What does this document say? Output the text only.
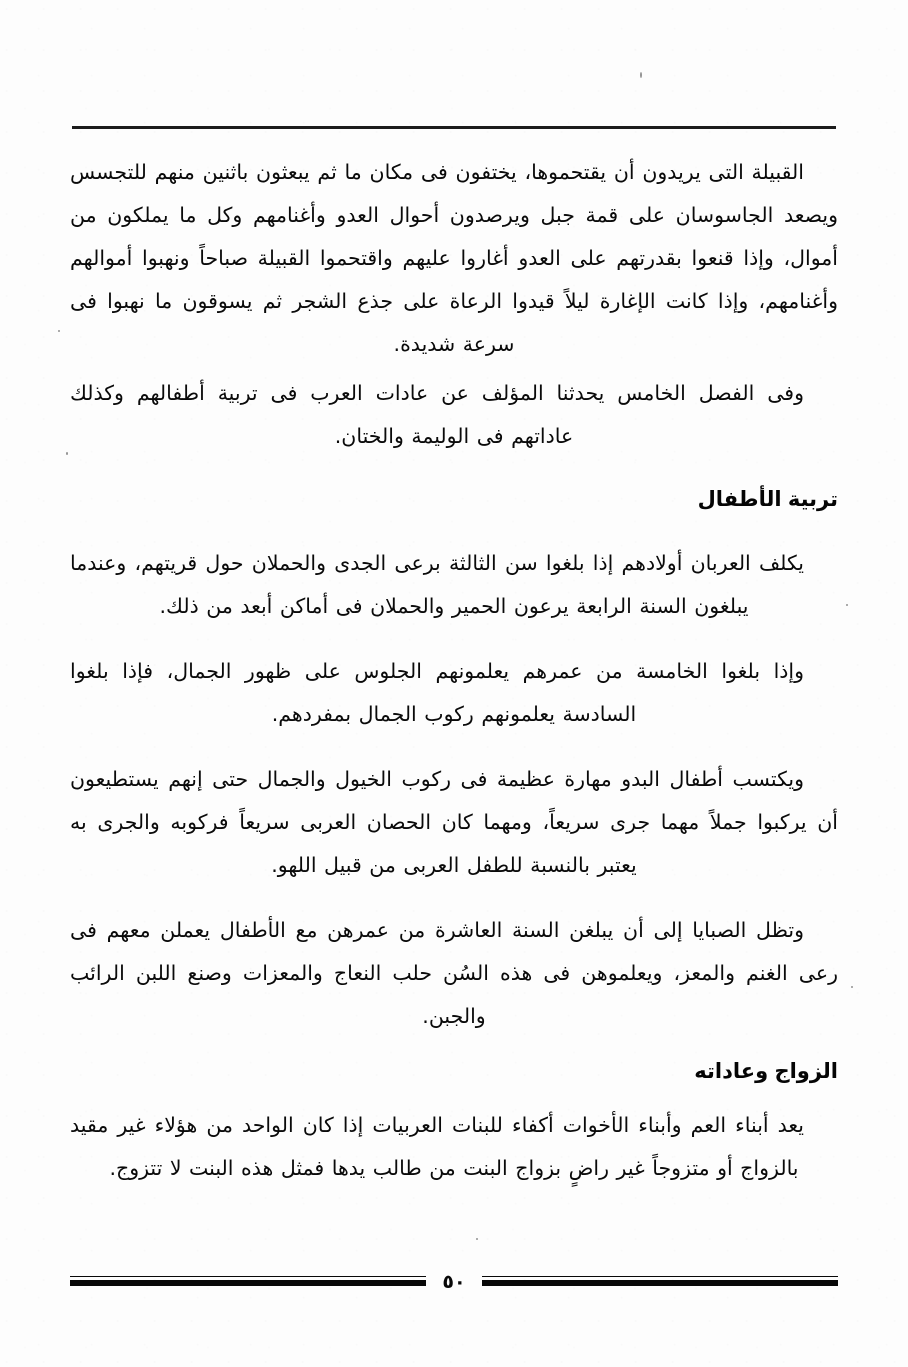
القبيلة التى يريدون أن يقتحموها، يختفون فى مكان ما ثم يبعثون باثنين منهم للتجسس ويصعد الجاسوسان على قمة جبل ويرصدون أحوال العدو وأغنامهم وكل ما يملكون من أموال، وإذا قنعوا بقدرتهم على العدو أغاروا عليهم واقتحموا القبيلة صباحاً ونهبوا أموالهم وأغنامهم، وإذا كانت الإغارة ليلاً قيدوا الرعاة على جذع الشجر ثم يسوقون ما نهبوا فى سرعة شديدة.

وفى الفصل الخامس يحدثنا المؤلف عن عادات العرب فى تربية أطفالهم وكذلك عاداتهم فى الوليمة والختان.

تربية الأطفال

يكلف العربان أولادهم إذا بلغوا سن الثالثة برعى الجدى والحملان حول قريتهم، وعندما يبلغون السنة الرابعة يرعون الحمير والحملان فى أماكن أبعد من ذلك.

وإذا بلغوا الخامسة من عمرهم يعلمونهم الجلوس على ظهور الجمال، فإذا بلغوا السادسة يعلمونهم ركوب الجمال بمفردهم.

ويكتسب أطفال البدو مهارة عظيمة فى ركوب الخيول والجمال حتى إنهم يستطيعون أن يركبوا جملاً مهما جرى سريعاً، ومهما كان الحصان العربى سريعاً فركوبه والجرى به يعتبر بالنسبة للطفل العربى من قبيل اللهو.

وتظل الصبايا إلى أن يبلغن السنة العاشرة من عمرهن مع الأطفال يعملن معهم فى رعى الغنم والمعز، ويعلموهن فى هذه السُن حلب النعاج والمعزات وصنع اللبن الرائب والجبن.

الزواج وعاداته

يعد أبناء العم وأبناء الأخوات أكفاء للبنات العربيات إذا كان الواحد من هؤلاء غير مقيد بالزواج أو متزوجاً غير راضٍ بزواج البنت من طالب يدها فمثل هذه البنت لا تتزوج.

٥٠
